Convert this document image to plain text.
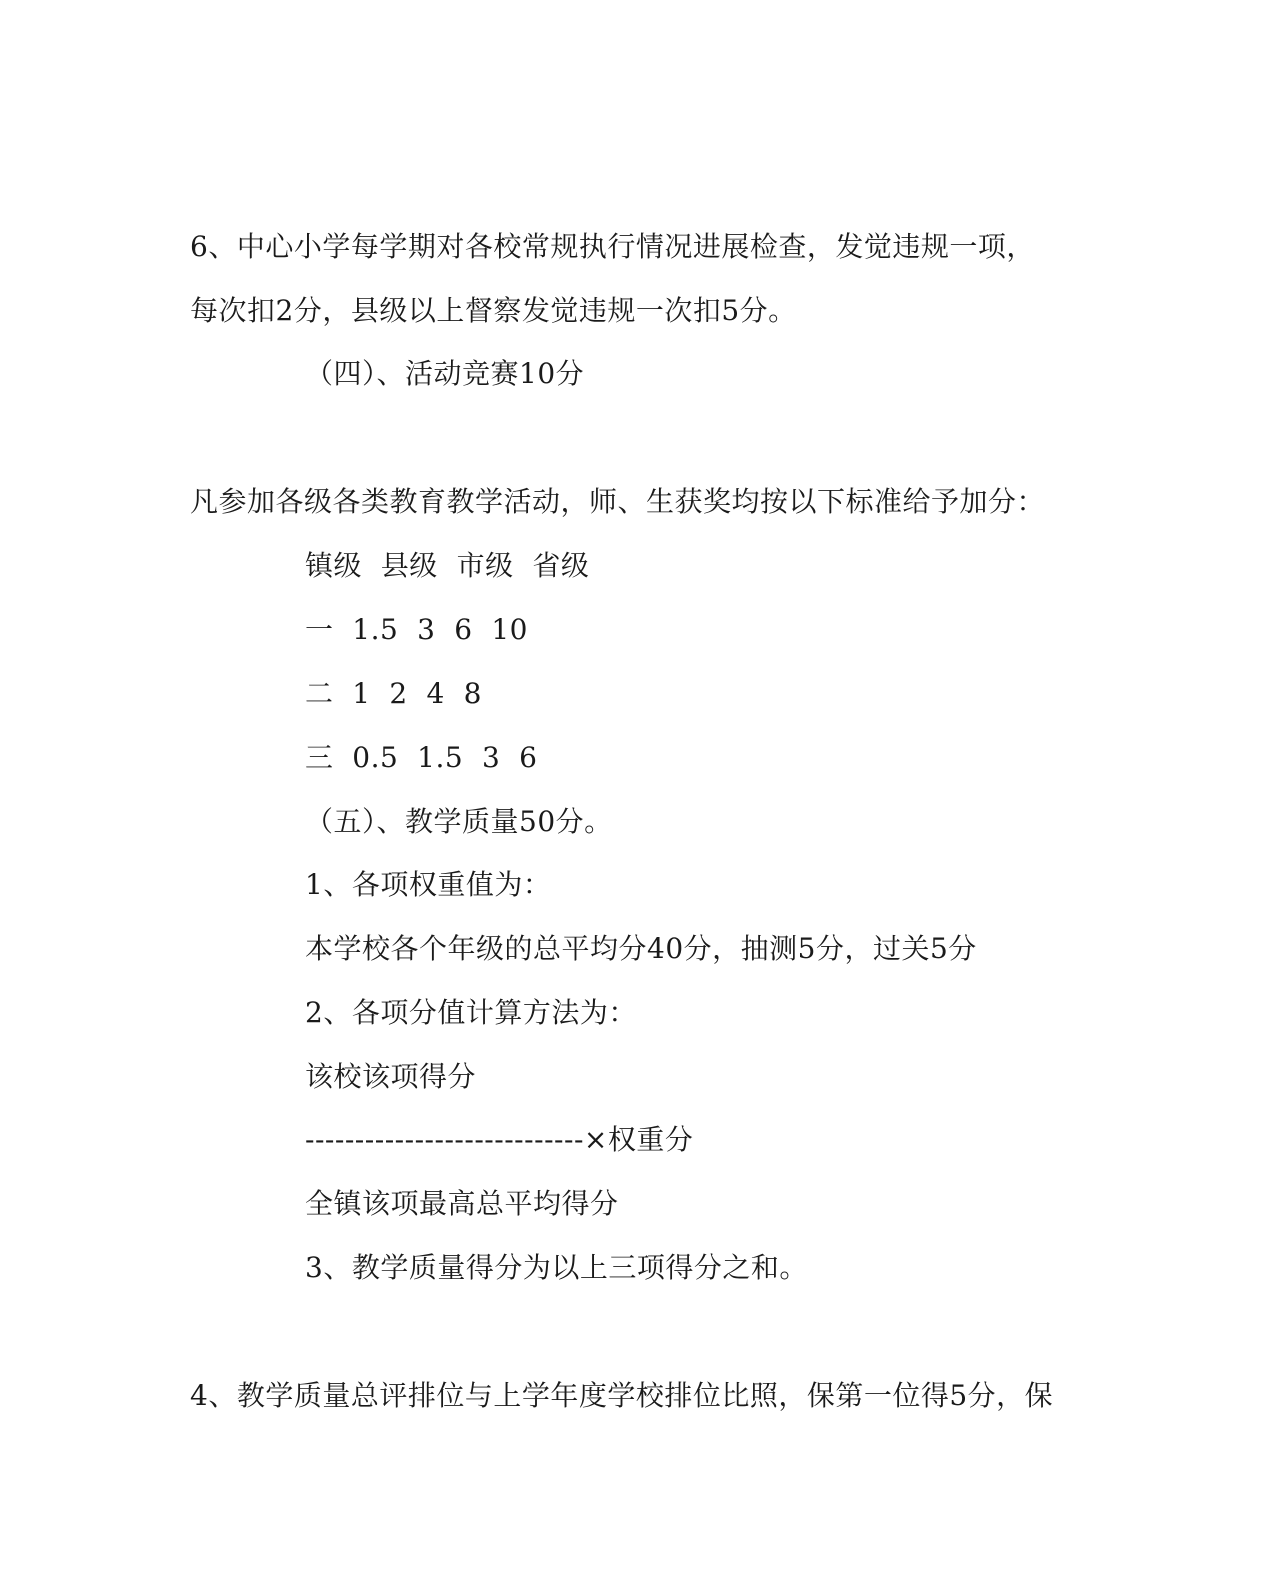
6、中心小学每学期对各校常规执行情况进展检查，发觉违规一项，
每次扣2分，县级以上督察发觉违规一次扣5分。
（四）、活动竞赛10分
凡参加各级各类教育教学活动，师、生获奖均按以下标准给予加分：
镇级  县级  市级  省级
一  1.5  3  6  10
二  1  2  4  8
三  0.5  1.5  3  6
（五）、教学质量50分。
1、各项权重值为：
本学校各个年级的总平均分40分，抽测5分，过关5分
2、各项分值计算方法为：
该校该项得分
----------------------------×权重分
全镇该项最高总平均得分
3、教学质量得分为以上三项得分之和。
4、教学质量总评排位与上学年度学校排位比照，保第一位得5分，保
